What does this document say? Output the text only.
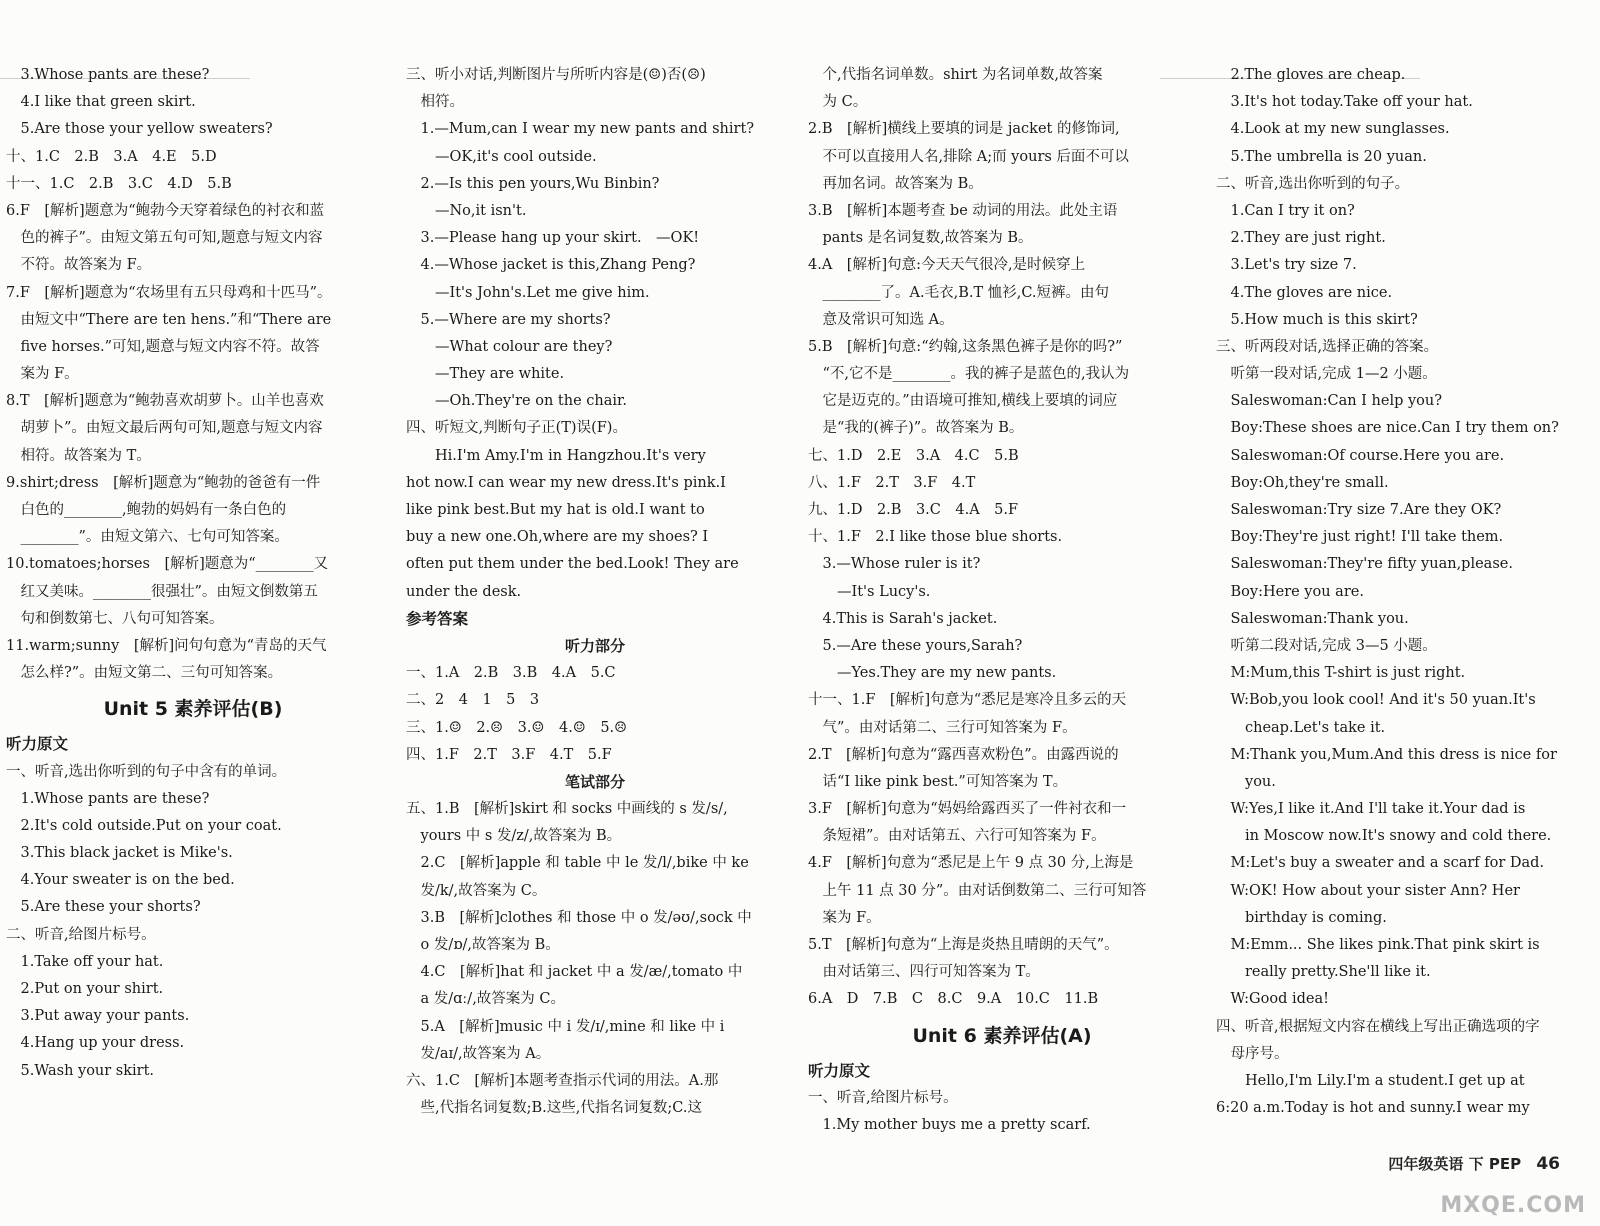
　3.Whose pants are these?
　4.I like that green skirt.
　5.Are those your yellow sweaters?
十、1.C　2.B　3.A　4.E　5.D
十一、1.C　2.B　3.C　4.D　5.B
6.F　[解析]题意为“鲍勃今天穿着绿色的衬衣和蓝
　色的裤子”。由短文第五句可知,题意与短文内容
　不符。故答案为 F。
7.F　[解析]题意为“农场里有五只母鸡和十匹马”。
　由短文中“There are ten hens.”和“There are
　five horses.”可知,题意与短文内容不符。故答
　案为 F。
8.T　[解析]题意为“鲍勃喜欢胡萝卜。山羊也喜欢
　胡萝卜”。由短文最后两句可知,题意与短文内容
　相符。故答案为 T。
9.shirt;dress　[解析]题意为“鲍勃的爸爸有一件
　白色的________,鲍勃的妈妈有一条白色的
　________”。由短文第六、七句可知答案。
10.tomatoes;horses　[解析]题意为“________又
　红又美味。________很强壮”。由短文倒数第五
　句和倒数第七、八句可知答案。
11.warm;sunny　[解析]问句句意为“青岛的天气
　怎么样?”。由短文第二、三句可知答案。
Unit 5 素养评估(B)
听力原文
一、听音,选出你听到的句子中含有的单词。
　1.Whose pants are these?
　2.It's cold outside.Put on your coat.
　3.This black jacket is Mike's.
　4.Your sweater is on the bed.
　5.Are these your shorts?
二、听音,给图片标号。
　1.Take off your hat.
　2.Put on your shirt.
　3.Put away your pants.
　4.Hang up your dress.
　5.Wash your skirt.
三、听小对话,判断图片与所听内容是(☺)否(☹)
　相符。
　1.—Mum,can I wear my new pants and shirt?
　　—OK,it's cool outside.
　2.—Is this pen yours,Wu Binbin?
　　—No,it isn't.
　3.—Please hang up your skirt.　—OK!
　4.—Whose jacket is this,Zhang Peng?
　　—It's John's.Let me give him.
　5.—Where are my shorts?
　　—What colour are they?
　　—They are white.
　　—Oh.They're on the chair.
四、听短文,判断句子正(T)误(F)。
　　Hi.I'm Amy.I'm in Hangzhou.It's very
hot now.I can wear my new dress.It's pink.I
like pink best.But my hat is old.I want to
buy a new one.Oh,where are my shoes? I
often put them under the bed.Look! They are
under the desk.
参考答案
听力部分
一、1.A　2.B　3.B　4.A　5.C
二、2　4　1　5　3
三、1.☺　2.☹　3.☺　4.☺　5.☹
四、1.F　2.T　3.F　4.T　5.F
笔试部分
五、1.B　[解析]skirt 和 socks 中画线的 s 发/s/,
　yours 中 s 发/z/,故答案为 B。
　2.C　[解析]apple 和 table 中 le 发/l/,bike 中 ke
　发/k/,故答案为 C。
　3.B　[解析]clothes 和 those 中 o 发/əʊ/,sock 中
　o 发/ɒ/,故答案为 B。
　4.C　[解析]hat 和 jacket 中 a 发/æ/,tomato 中
　a 发/ɑː/,故答案为 C。
　5.A　[解析]music 中 i 发/ɪ/,mine 和 like 中 i
　发/aɪ/,故答案为 A。
六、1.C　[解析]本题考查指示代词的用法。A.那
　些,代指名词复数;B.这些,代指名词复数;C.这
　个,代指名词单数。shirt 为名词单数,故答案
　为 C。
2.B　[解析]横线上要填的词是 jacket 的修饰词,
　不可以直接用人名,排除 A;而 yours 后面不可以
　再加名词。故答案为 B。
3.B　[解析]本题考查 be 动词的用法。此处主语
　pants 是名词复数,故答案为 B。
4.A　[解析]句意:今天天气很冷,是时候穿上
　________了。A.毛衣,B.T 恤衫,C.短裤。由句
　意及常识可知选 A。
5.B　[解析]句意:“约翰,这条黑色裤子是你的吗?”
　“不,它不是________。我的裤子是蓝色的,我认为
　它是迈克的。”由语境可推知,横线上要填的词应
　是“我的(裤子)”。故答案为 B。
七、1.D　2.E　3.A　4.C　5.B
八、1.F　2.T　3.F　4.T
九、1.D　2.B　3.C　4.A　5.F
十、1.F　2.I like those blue shorts.
　3.—Whose ruler is it?
　　—It's Lucy's.
　4.This is Sarah's jacket.
　5.—Are these yours,Sarah?
　　—Yes.They are my new pants.
十一、1.F　[解析]句意为“悉尼是寒冷且多云的天
　气”。由对话第二、三行可知答案为 F。
2.T　[解析]句意为“露西喜欢粉色”。由露西说的
　话“I like pink best.”可知答案为 T。
3.F　[解析]句意为“妈妈给露西买了一件衬衣和一
　条短裙”。由对话第五、六行可知答案为 F。
4.F　[解析]句意为“悉尼是上午 9 点 30 分,上海是
　上午 11 点 30 分”。由对话倒数第二、三行可知答
　案为 F。
5.T　[解析]句意为“上海是炎热且晴朗的天气”。
　由对话第三、四行可知答案为 T。
6.A　D　7.B　C　8.C　9.A　10.C　11.B
Unit 6 素养评估(A)
听力原文
一、听音,给图片标号。
　1.My mother buys me a pretty scarf.
　2.The gloves are cheap.
　3.It's hot today.Take off your hat.
　4.Look at my new sunglasses.
　5.The umbrella is 20 yuan.
二、听音,选出你听到的句子。
　1.Can I try it on?
　2.They are just right.
　3.Let's try size 7.
　4.The gloves are nice.
　5.How much is this skirt?
三、听两段对话,选择正确的答案。
　听第一段对话,完成 1—2 小题。
　Saleswoman:Can I help you?
　Boy:These shoes are nice.Can I try them on?
　Saleswoman:Of course.Here you are.
　Boy:Oh,they're small.
　Saleswoman:Try size 7.Are they OK?
　Boy:They're just right! I'll take them.
　Saleswoman:They're fifty yuan,please.
　Boy:Here you are.
　Saleswoman:Thank you.
　听第二段对话,完成 3—5 小题。
　M:Mum,this T-shirt is just right.
　W:Bob,you look cool! And it's 50 yuan.It's
　　cheap.Let's take it.
　M:Thank you,Mum.And this dress is nice for
　　you.
　W:Yes,I like it.And I'll take it.Your dad is
　　in Moscow now.It's snowy and cold there.
　M:Let's buy a sweater and a scarf for Dad.
　W:OK! How about your sister Ann? Her
　　birthday is coming.
　M:Emm... She likes pink.That pink skirt is
　　really pretty.She'll like it.
　W:Good idea!
四、听音,根据短文内容在横线上写出正确选项的字
　母序号。
　　Hello,I'm Lily.I'm a student.I get up at
6:20 a.m.Today is hot and sunny.I wear my
四年级英语 下 PEP 46
MXQE.COM
